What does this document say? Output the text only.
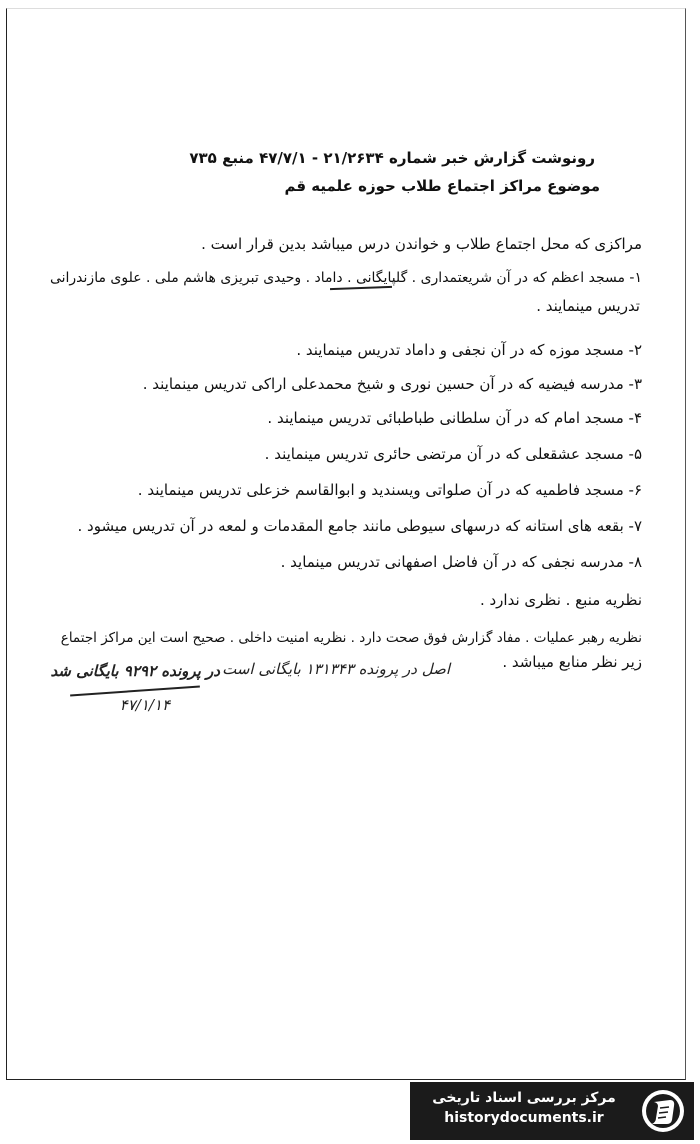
رونوشت گزارش خبر شماره ۲۱/۲۶۳۴ - ۴۷/۷/۱ منبع ۷۳۵
موضوع مراکز اجتماع طلاب حوزه علمیه قم
مراکزی که محل اجتماع طلاب و خواندن درس میباشد بدین قرار است .
۱- مسجد اعظم که در آن شریعتمداری . گلپایگانی . داماد . وحیدی تبریزی هاشم ملی . علوی مازندرانی
تدریس مینمایند .
۲- مسجد موزه که در آن نجفی و داماد تدریس مینمایند .
۳- مدرسه فیضیه که در آن حسین نوری و شیخ محمدعلی اراکی تدریس مینمایند .
۴- مسجد امام که در آن سلطانی طباطبائی تدریس مینمایند .
۵- مسجد عشقعلی که در آن مرتضی حائری تدریس مینمایند .
۶- مسجد فاطمیه که در آن صلواتی ویسندید و ابوالقاسم خزعلی تدریس مینمایند .
۷- بقعه های استانه که درسهای سیوطی مانند جامع المقدمات و لمعه در آن تدریس میشود .
۸- مدرسه نجفی که در آن فاضل اصفهانی تدریس مینماید .
نظریه منبع . نظری ندارد .
نظریه رهبر عملیات . مفاد گزارش فوق صحت دارد . نظریه امنیت داخلی . صحیح است این مراکز اجتماع
زیر نظر منابع میباشد .
اصل در پرونده ۱۳۱۳۴۳ بایگانی است
در پرونده ۹۲۹۲ بایگانی شد
۴۷/۱/۱۴
مرکز بررسی اسناد تاریخی
historydocuments.ir
